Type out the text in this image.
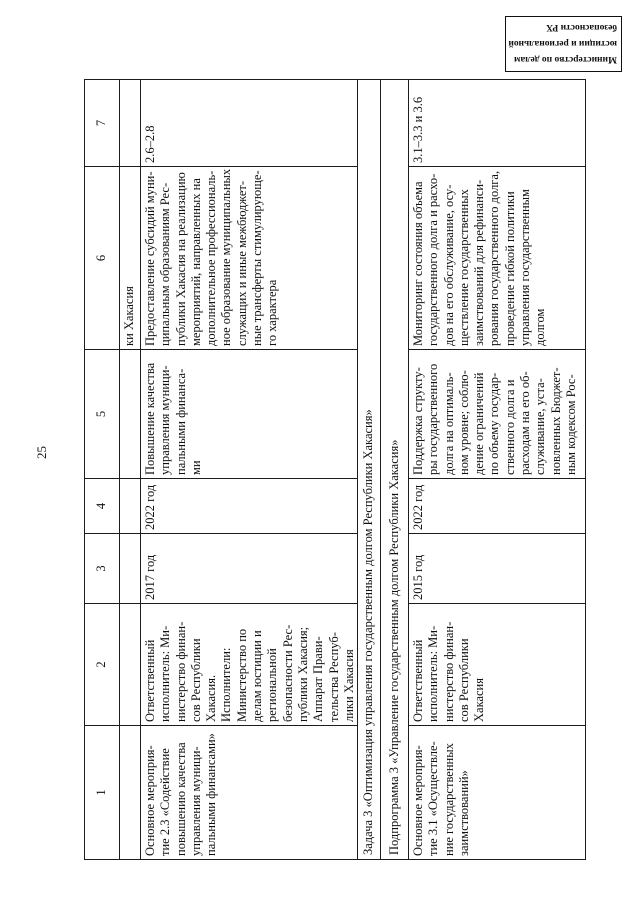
Министерство по делам
юстиции и региональной
безопасности РХ
25
1
2
3
4
5
6
7
ки Хакасия
Основное мероприя-
тие 2.3 «Содействие
повышению качества
управления муници-
пальными финансами»
Ответственный
исполнитель: Ми-
нистерство финан-
сов Республики
Хакасия.
Исполнители:
Министерство по
делам юстиции и
региональной
безопасности Рес-
публики Хакасия;
Аппарат Прави-
тельства Респуб-
лики Хакасия
2017 год
2022 год
Повышение качества
управления муници-
пальными финанса-
ми
Предоставление субсидий муни-
ципальным образованиям Рес-
публики Хакасия на реализацию
мероприятий, направленных на
дополнительное профессиональ-
ное образование муниципальных
служащих и иные межбюджет-
ные трансферты стимулирующе-
го характера
2.6–2.8
Задача 3 «Оптимизация управления государственным долгом Республики Хакасия» Подпрограмма 3 «Управление государственным долгом Республики Хакасия» Основное мероприя-
тие 3.1 «Осуществле-
ние государственных
заимствований»
Ответственный
исполнитель: Ми-
нистерство финан-
сов Республики
Хакасия
2015 год
2022 год
Поддержка структу-
ры государственного
долга на оптималь-
ном уровне; соблю-
дение ограничений
по объему государ-
ственного долга и
расходам на его об-
служивание, уста-
новленных Бюджет-
ным кодексом Рос-
Мониторинг состояния объема
государственного долга и расхо-
дов на его обслуживание, осу-
ществление государственных
заимствований для рефинанси-
рования государственного долга,
проведение гибкой политики
управления государственным
долгом
3.1–3.3 и 3.6
